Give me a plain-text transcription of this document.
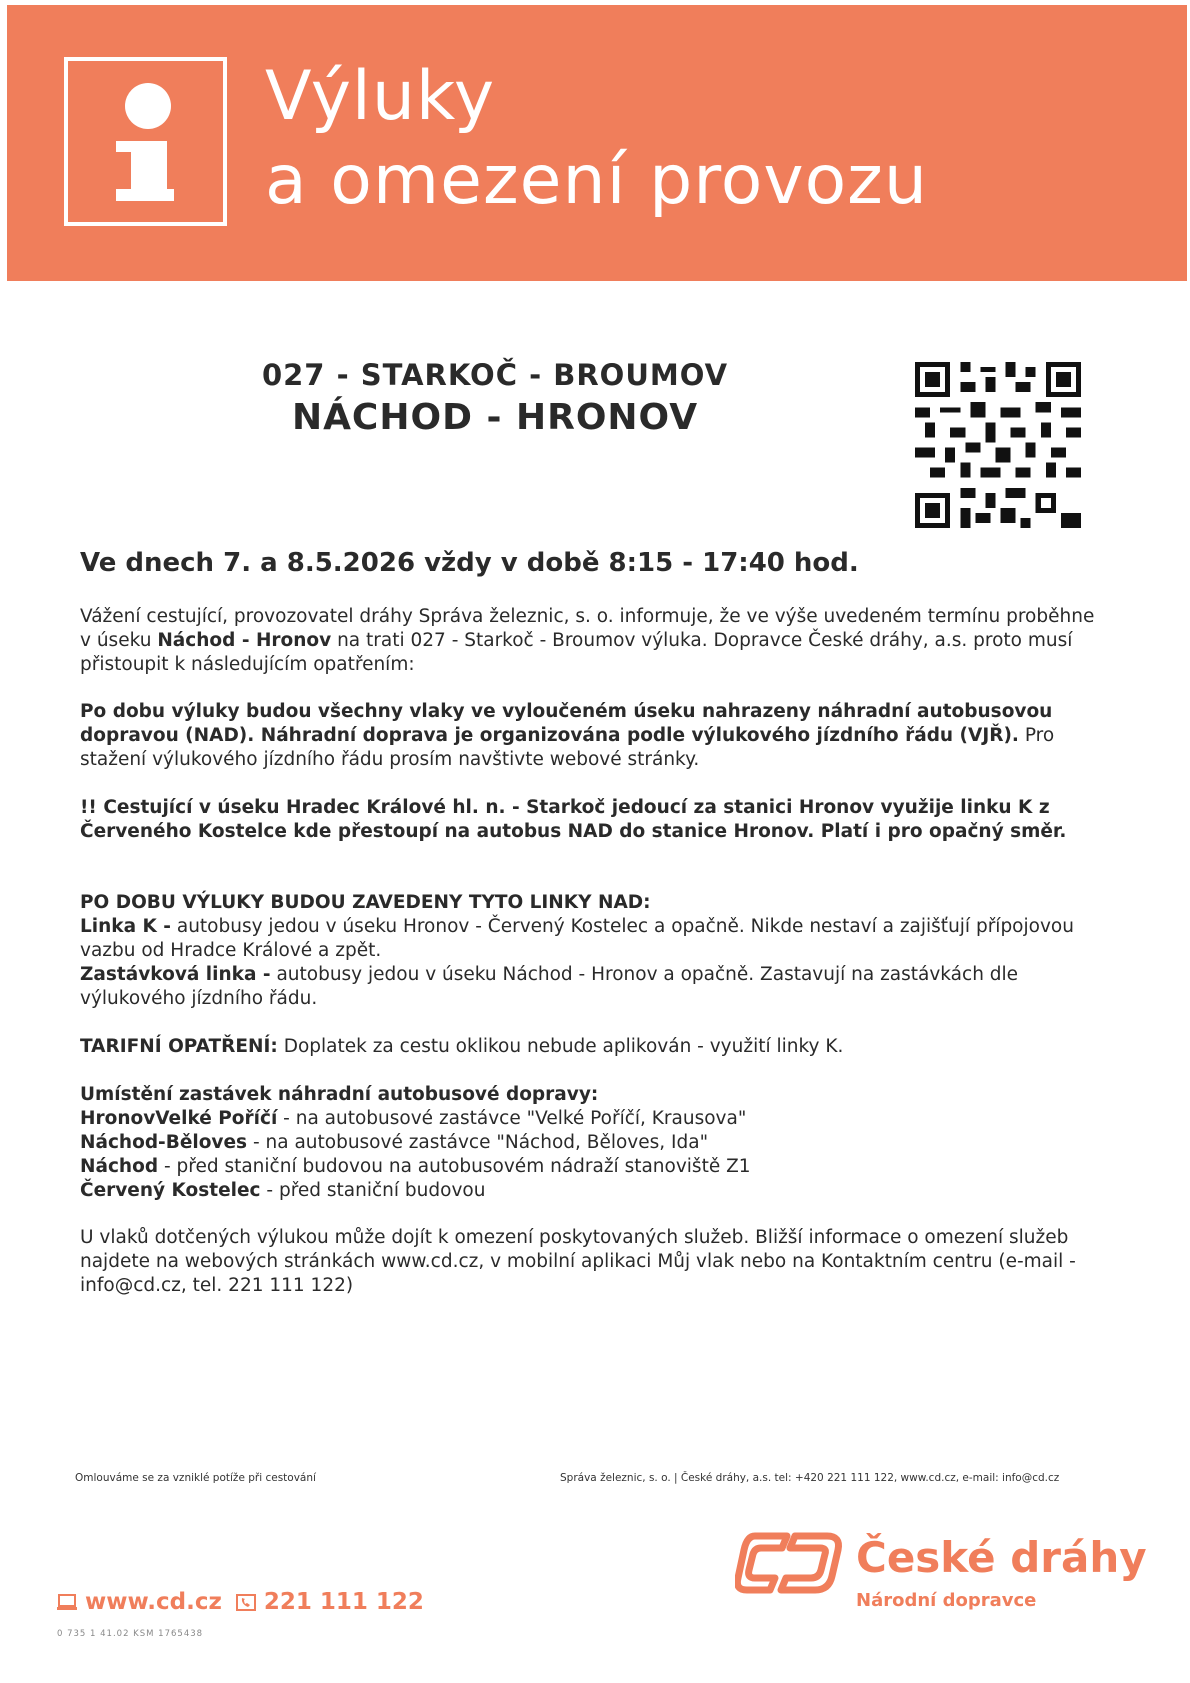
Výluky
a omezení provozu
027 - STARKOČ - BROUMOV
NÁCHOD - HRONOV
Ve dnech 7. a 8.5.2026 vždy v době 8:15 - 17:40 hod.

Vážení cestující, provozovatel dráhy Správa železnic, s. o. informuje, že ve výše uvedeném termínu proběhne v úseku Náchod - Hronov na trati 027 - Starkoč - Broumov výluka. Dopravce České dráhy, a.s. proto musí přistoupit k následujícím opatřením:

Po dobu výluky budou všechny vlaky ve vyloučeném úseku nahrazeny náhradní autobusovou dopravou (NAD). Náhradní doprava je organizována podle výlukového jízdního řádu (VJŘ). Pro stažení výlukového jízdního řádu prosím navštivte webové stránky.

!! Cestující v úseku Hradec Králové hl. n. - Starkoč jedoucí za stanici Hronov využije linku K z Červeného Kostelce kde přestoupí na autobus NAD do stanice Hronov. Platí i pro opačný směr.

PO DOBU VÝLUKY BUDOU ZAVEDENY TYTO LINKY NAD:

Linka K - autobusy jedou v úseku Hronov - Červený Kostelec a opačně. Nikde nestaví a zajišťují přípojovou vazbu od Hradce Králové a zpět.

Zastávková linka - autobusy jedou v úseku Náchod - Hronov a opačně. Zastavují na zastávkách dle výlukového jízdního řádu.

TARIFNÍ OPATŘENÍ: Doplatek za cestu oklikou nebude aplikován - využití linky K.

Umístění zastávek náhradní autobusové dopravy:

HronovVelké Poříčí - na autobusové zastávce "Velké Poříčí, Krausova"

Náchod-Běloves - na autobusové zastávce "Náchod, Běloves, Ida"

Náchod - před staniční budovou na autobusovém nádraží stanoviště Z1

Červený Kostelec - před staniční budovou

U vlaků dotčených výlukou může dojít k omezení poskytovaných služeb. Bližší informace o omezení služeb najdete na webových stránkách www.cd.cz, v mobilní aplikaci Můj vlak nebo na Kontaktním centru (e-mail - info@cd.cz, tel. 221 111 122)
Omlouváme se za vzniklé potíže při cestování	Správa železnic, s. o. | České dráhy, a.s. tel: +420 221 111 122, www.cd.cz, e-mail: info@cd.cz
České dráhy
Národní dopravce
www.cd.cz 221 111 122
0 735 1 41.02 KSM 1765438
